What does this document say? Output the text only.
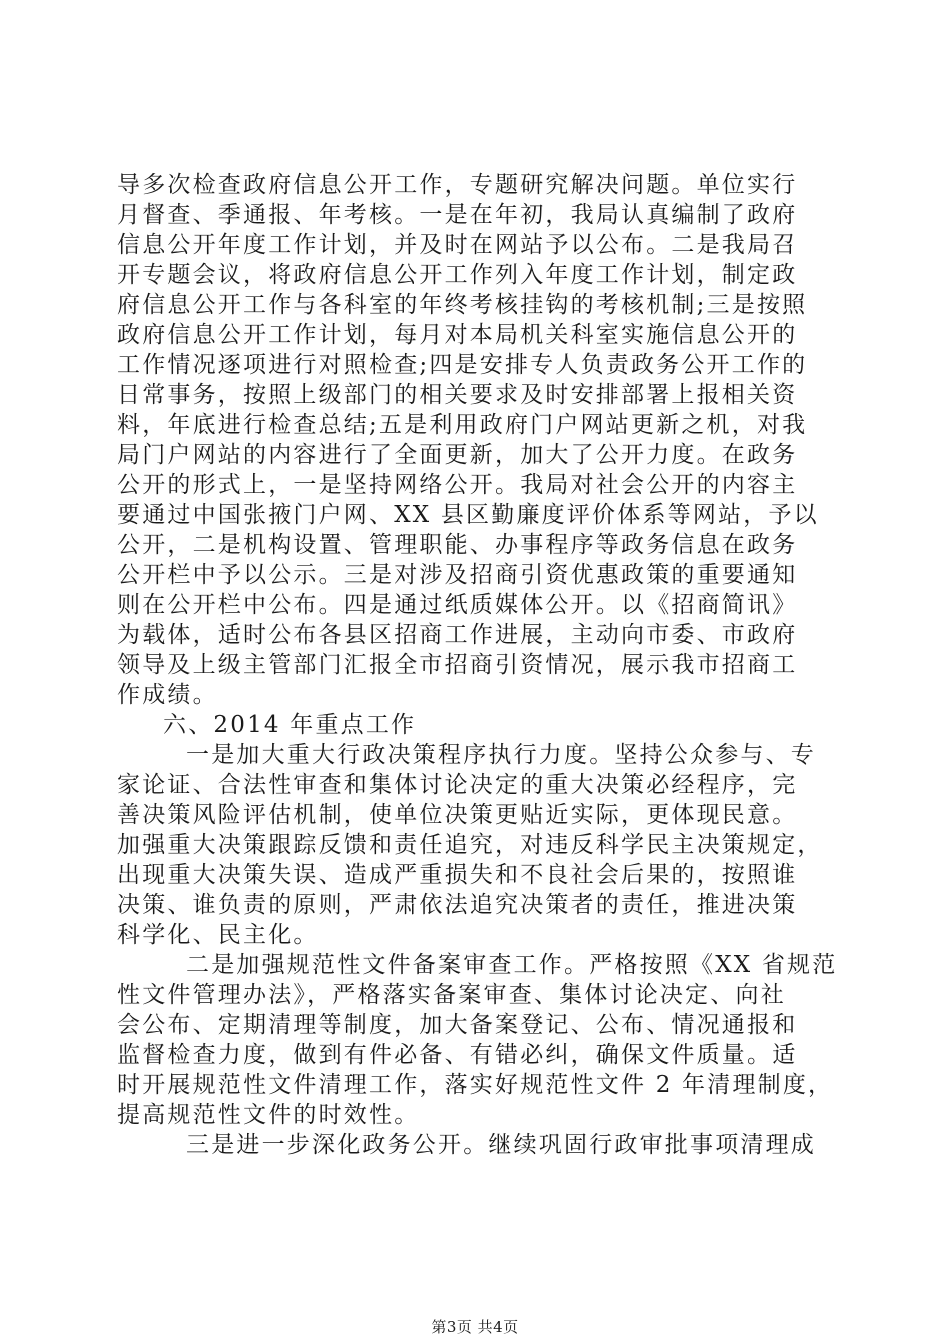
导多次检查政府信息公开工作，专题研究解决问题。单位实行
月督查、季通报、年考核。一是在年初，我局认真编制了政府
信息公开年度工作计划，并及时在网站予以公布。二是我局召
开专题会议，将政府信息公开工作列入年度工作计划，制定政
府信息公开工作与各科室的年终考核挂钩的考核机制;三是按照
政府信息公开工作计划，每月对本局机关科室实施信息公开的
工作情况逐项进行对照检查;四是安排专人负责政务公开工作的
日常事务，按照上级部门的相关要求及时安排部署上报相关资
料，年底进行检查总结;五是利用政府门户网站更新之机，对我
局门户网站的内容进行了全面更新，加大了公开力度。在政务
公开的形式上，一是坚持网络公开。我局对社会公开的内容主
要通过中国张掖门户网、XX 县区勤廉度评价体系等网站，予以
公开，二是机构设置、管理职能、办事程序等政务信息在政务
公开栏中予以公示。三是对涉及招商引资优惠政策的重要通知
则在公开栏中公布。四是通过纸质媒体公开。以《招商简讯》
为载体，适时公布各县区招商工作进展，主动向市委、市政府
领导及上级主管部门汇报全市招商引资情况，展示我市招商工
作成绩。
六、2014 年重点工作
一是加大重大行政决策程序执行力度。坚持公众参与、专
家论证、合法性审查和集体讨论决定的重大决策必经程序，完
善决策风险评估机制，使单位决策更贴近实际，更体现民意。
加强重大决策跟踪反馈和责任追究，对违反科学民主决策规定，
出现重大决策失误、造成严重损失和不良社会后果的，按照谁
决策、谁负责的原则，严肃依法追究决策者的责任，推进决策
科学化、民主化。
二是加强规范性文件备案审查工作。严格按照《XX 省规范
性文件管理办法》，严格落实备案审查、集体讨论决定、向社
会公布、定期清理等制度，加大备案登记、公布、情况通报和
监督检查力度，做到有件必备、有错必纠，确保文件质量。适
时开展规范性文件清理工作，落实好规范性文件 2 年清理制度，
提高规范性文件的时效性。
三是进一步深化政务公开。继续巩固行政审批事项清理成
第3页 共4页
